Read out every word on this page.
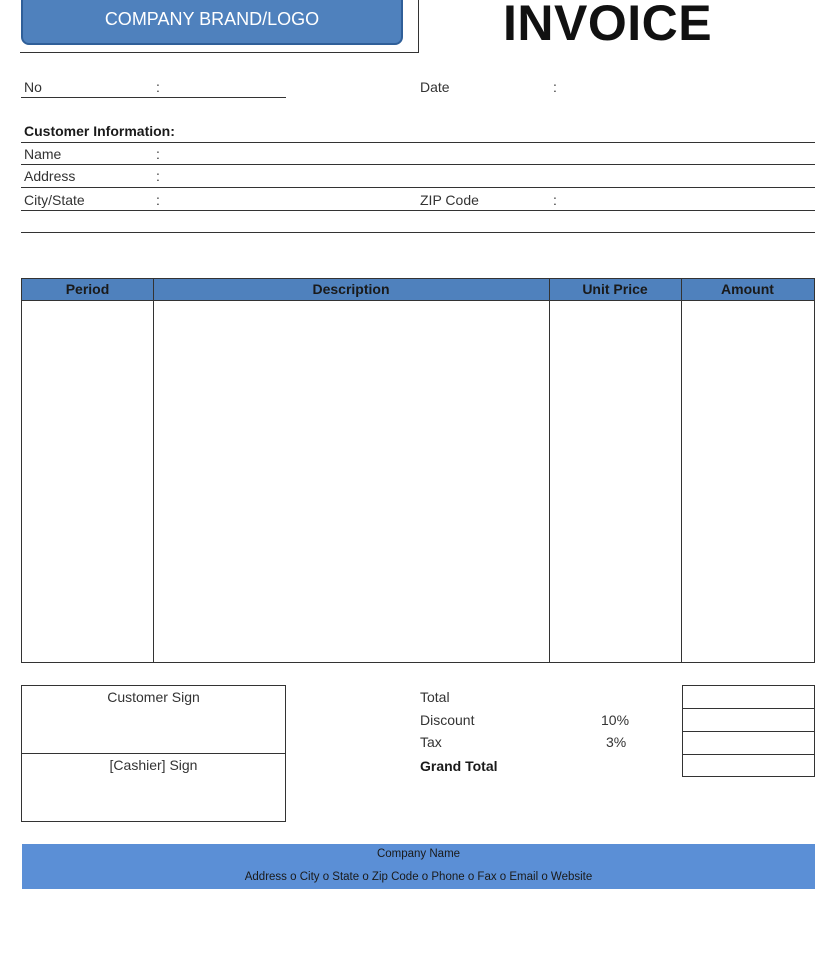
COMPANY BRAND/LOGO	INVOICE
No	:	Date	:
Customer Information:
Name	:
Address	:
City/State	:	ZIP Code	:
Period	Description	Unit Price	Amount
Customer Sign
[Cashier] Sign
Total
Discount	10%
Tax	3%
Grand Total
Company Name
Address o City o State o Zip Code o Phone o Fax o Email o Website
